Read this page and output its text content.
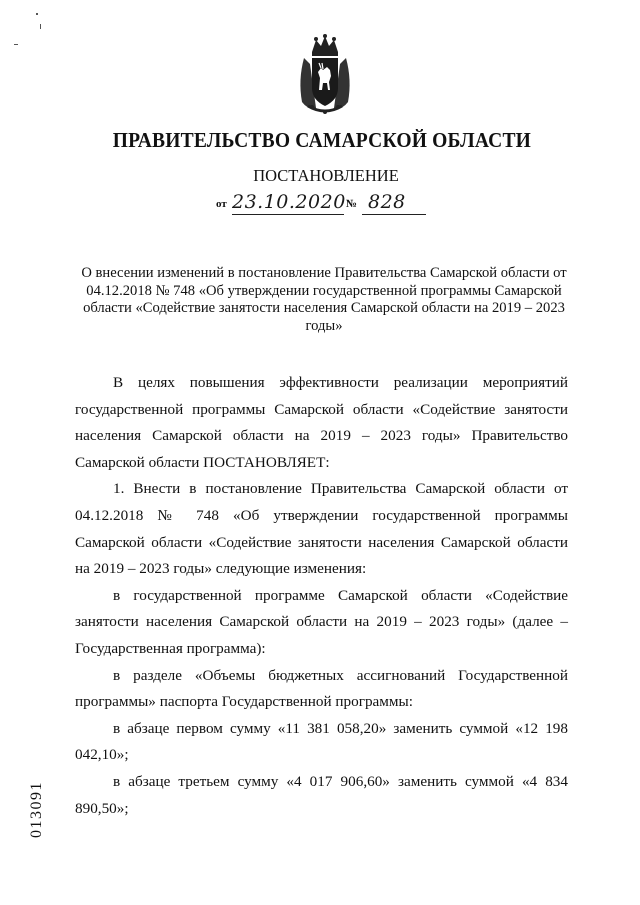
ПРАВИТЕЛЬСТВО САМАРСКОЙ ОБЛАСТИ
ПОСТАНОВЛЕНИЕ
от 23.10.2020 № 828
О внесении изменений в постановление Правительства Самарской области от 04.12.2018 № 748 «Об утверждении государственной программы Самарской области «Содействие занятости населения Самарской области на 2019 – 2023 годы»

В целях повышения эффективности реализации мероприятий государственной программы Самарской области «Содействие занятости населения Самарской области на 2019 – 2023 годы» Правительство Самарской области ПОСТАНОВЛЯЕТ:

1. Внести в постановление Правительства Самарской области от 04.12.2018 № 748 «Об утверждении государственной программы Самарской области «Содействие занятости населения Самарской области на 2019 – 2023 годы» следующие изменения:

в государственной программе Самарской области «Содействие занятости населения Самарской области на 2019 – 2023 годы» (далее – Государственная программа):

в разделе «Объемы бюджетных ассигнований Государственной программы» паспорта Государственной программы:

в абзаце первом сумму «11 381 058,20» заменить суммой «12 198 042,10»;

в абзаце третьем сумму «4 017 906,60» заменить суммой «4 834 890,50»;

013091
